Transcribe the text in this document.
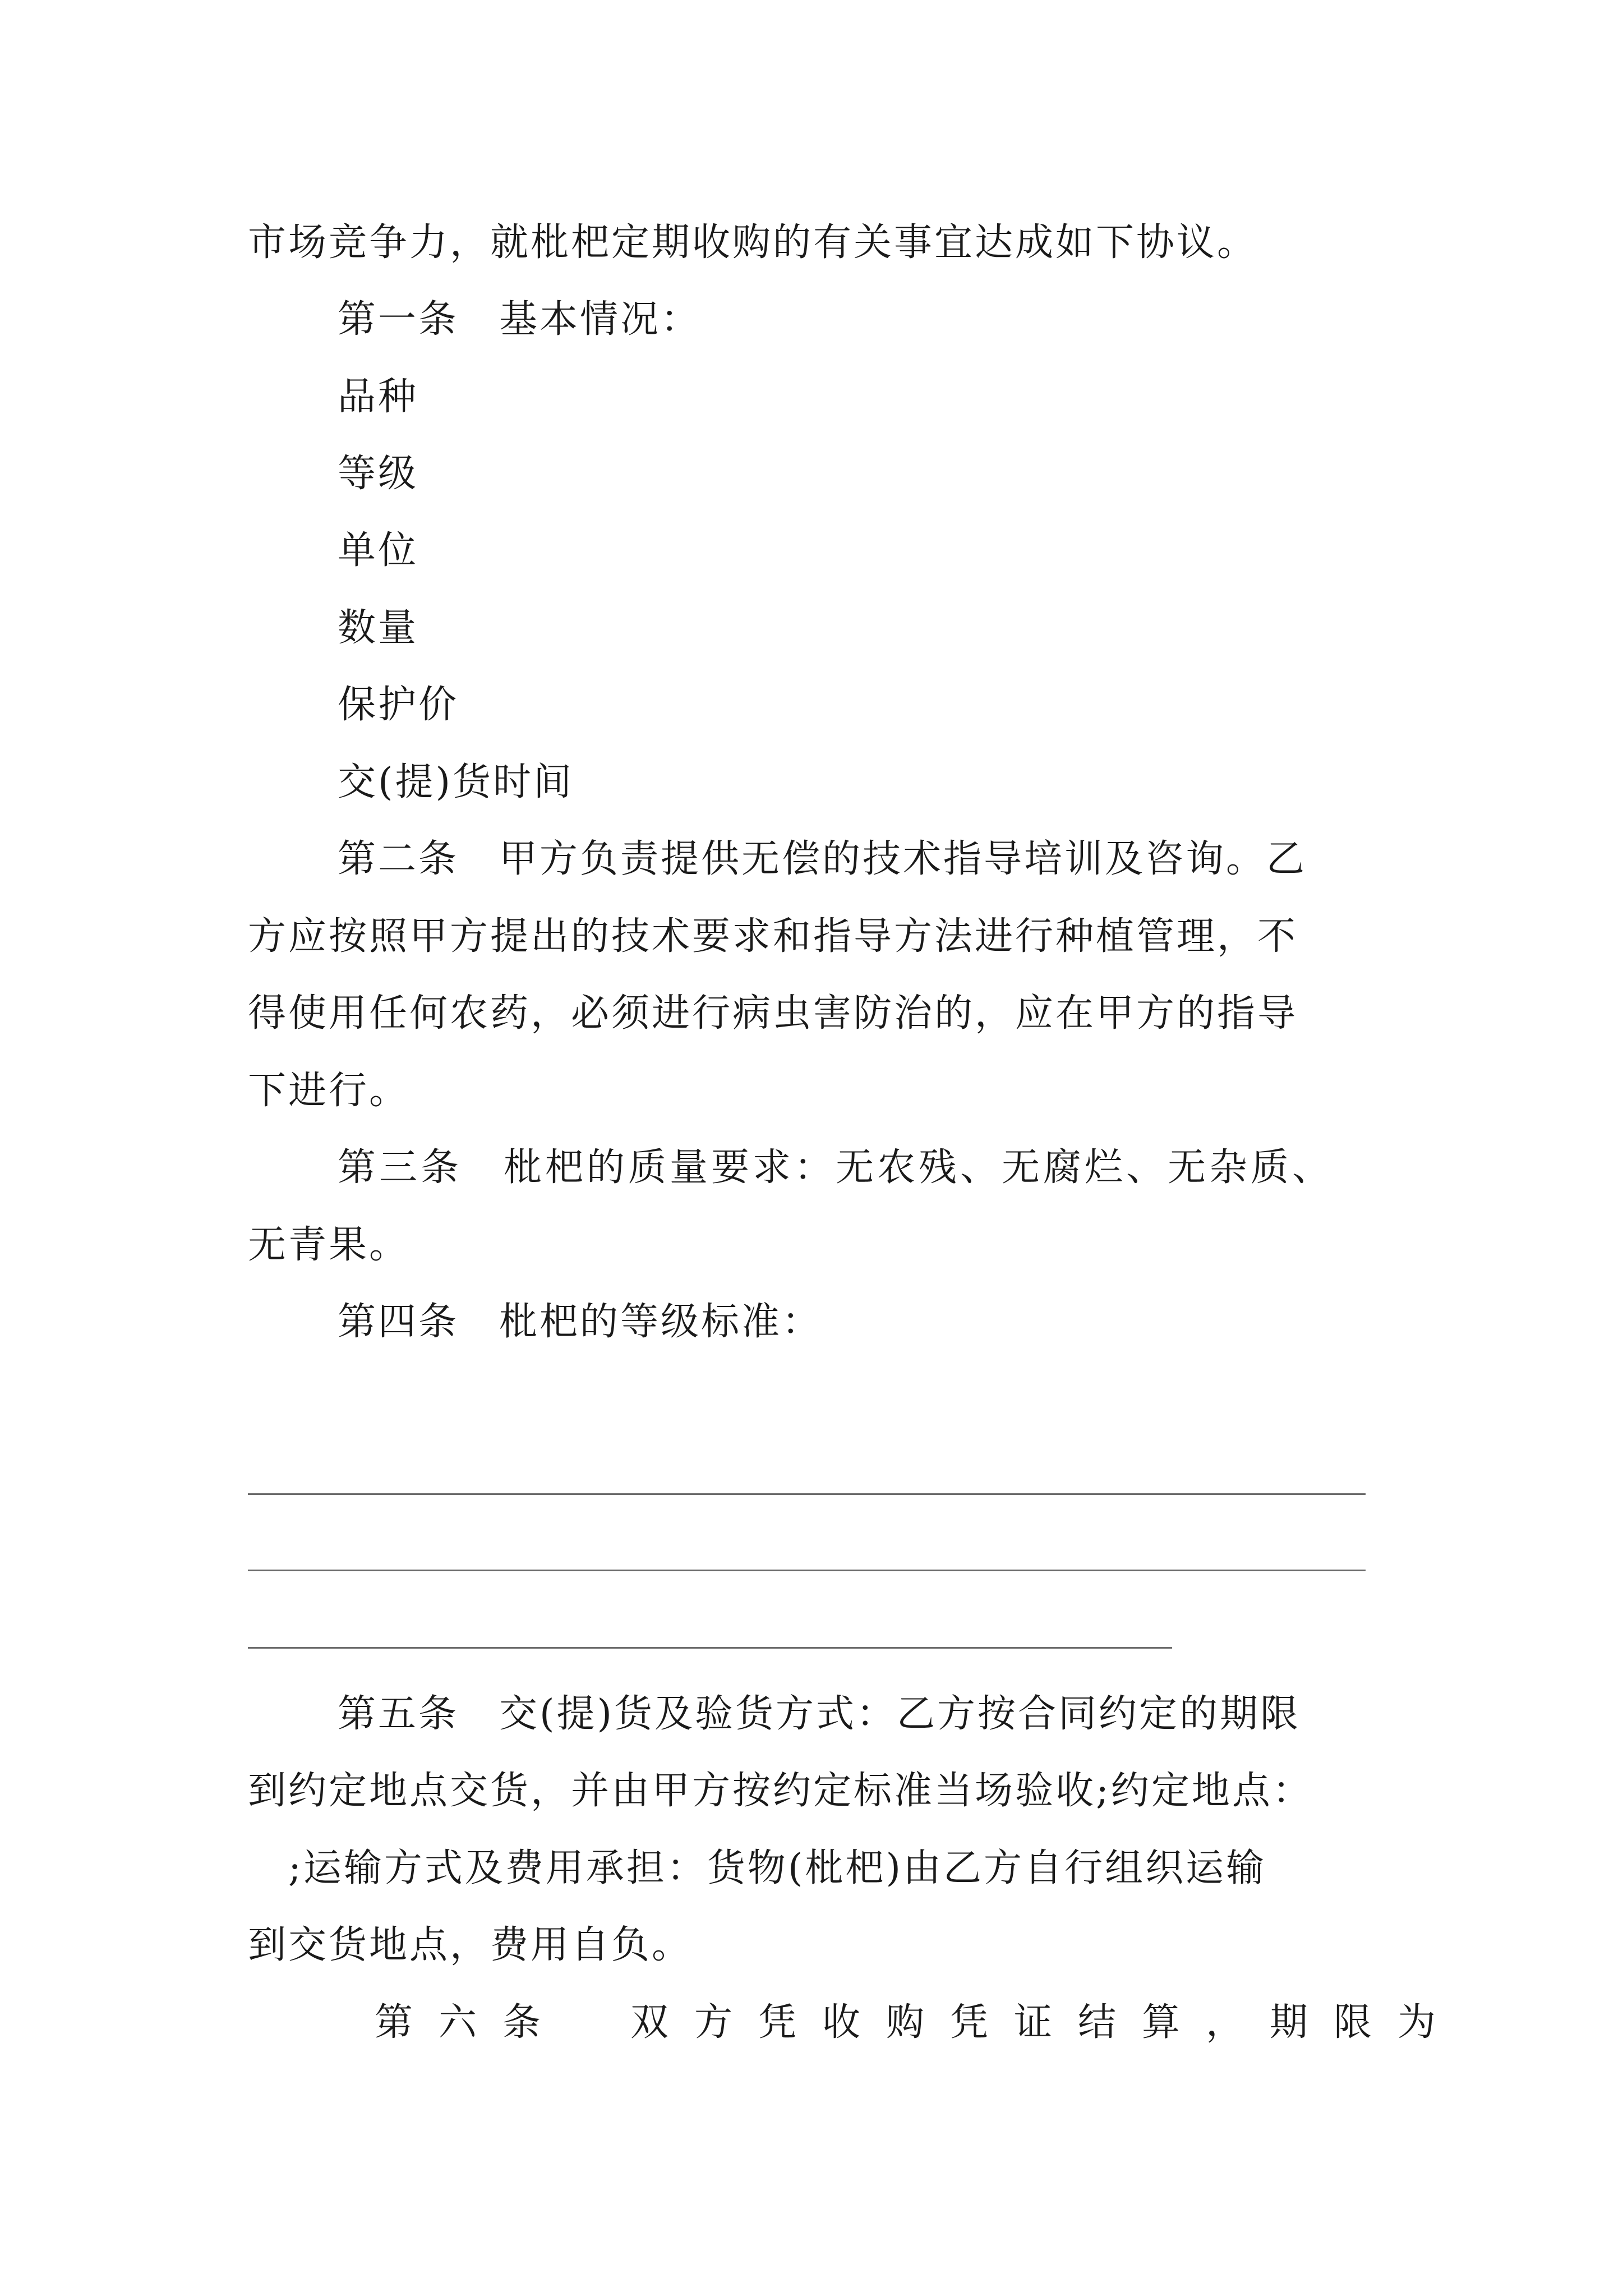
市场竞争力，就枇杷定期收购的有关事宜达成如下协议。
第一条　基本情况：
品种
等级
单位
数量
保护价
交(提)货时间
第二条　甲方负责提供无偿的技术指导培训及咨询。乙
方应按照甲方提出的技术要求和指导方法进行种植管理，不
得使用任何农药，必须进行病虫害防治的，应在甲方的指导
下进行。
第三条　枇杷的质量要求：无农残、无腐烂、无杂质、
无青果。
第四条　枇杷的等级标准：
第五条　交(提)货及验货方式：乙方按合同约定的期限
到约定地点交货，并由甲方按约定标准当场验收;约定地点：
　;运输方式及费用承担：货物(枇杷)由乙方自行组织运输
到交货地点，费用自负。
第六条　双方凭收购凭证结算，期限为
